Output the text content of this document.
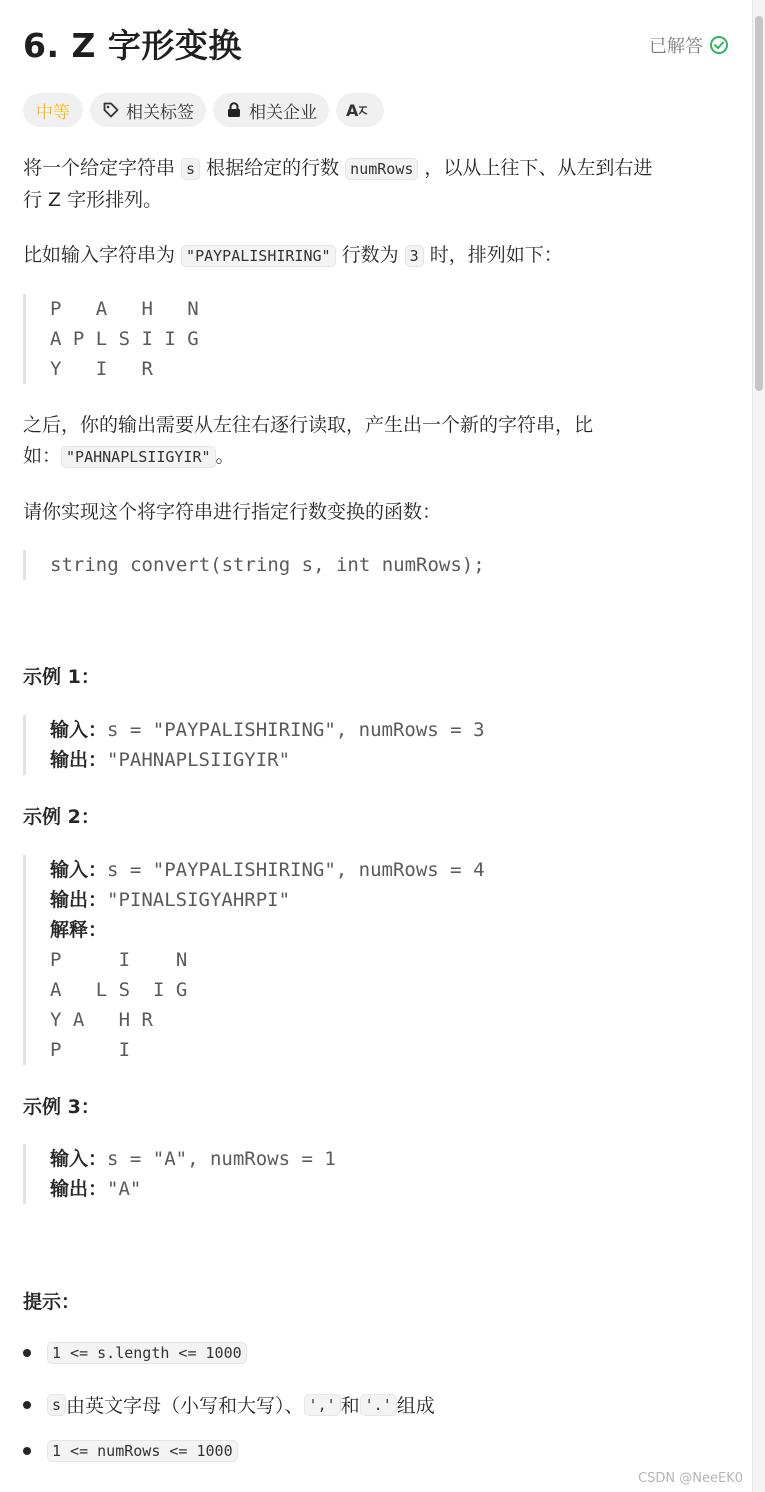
6. Z 字形变换	已解答
中等	相关标签	相关企业 A
将一个给定字符串 s 根据给定的行数 numRows ，以从上往下、从左到右进
行 Z 字形排列。
比如输入字符串为 "PAYPALISHIRING" 行数为 3 时，排列如下：
P   A   H   N
A P L S I I G
Y   I   R
之后，你的输出需要从左往右逐行读取，产生出一个新的字符串，比
如： "PAHNAPLSIIGYIR" 。
请你实现这个将字符串进行指定行数变换的函数：
string convert(string s, int numRows);
示例 1：
输入：s = "PAYPALISHIRING", numRows = 3
输出："PAHNAPLSIIGYIR"
示例 2：
输入：s = "PAYPALISHIRING", numRows = 4
输出："PINALSIGYAHRPI"
解释：
P     I    N
A   L S  I G
Y A   H R
P     I
示例 3：
输入：s = "A", numRows = 1
输出："A"
提示：
1 <= s.length <= 1000
s 由英文字母（小写和大写）、 ',' 和 '.' 组成
1 <= numRows <= 1000
CSDN @NeeEK0
